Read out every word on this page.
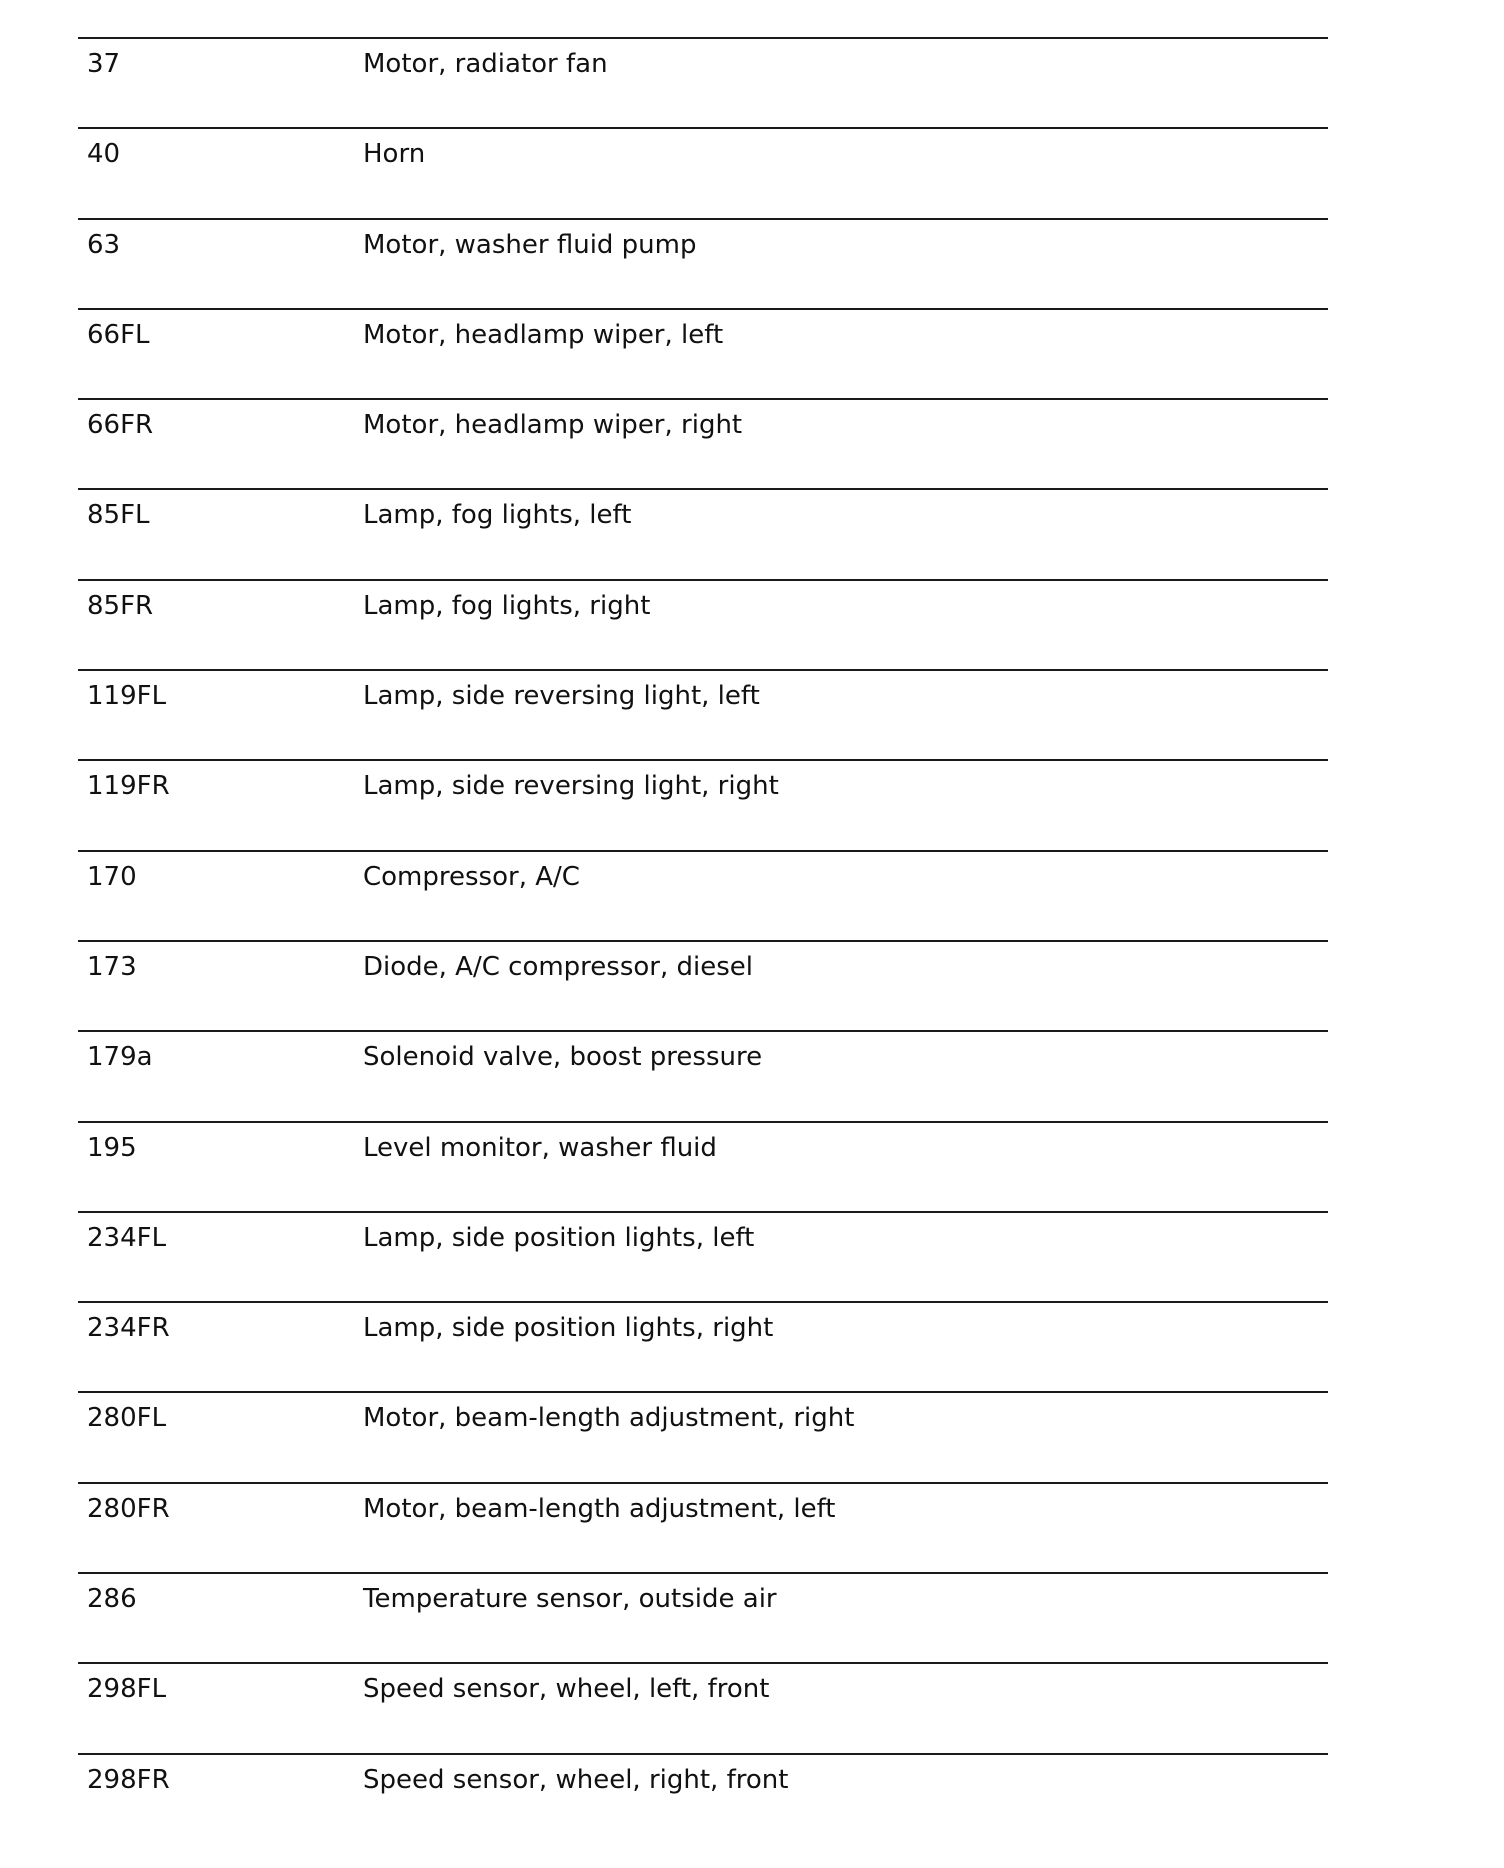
37	Motor, radiator fan
40	Horn
63	Motor, washer fluid pump
66FL	Motor, headlamp wiper, left
66FR	Motor, headlamp wiper, right
85FL	Lamp, fog lights, left
85FR	Lamp, fog lights, right
119FL	Lamp, side reversing light, left
119FR	Lamp, side reversing light, right
170	Compressor, A/C
173	Diode, A/C compressor, diesel
179a	Solenoid valve, boost pressure
195	Level monitor, washer fluid
234FL	Lamp, side position lights, left
234FR	Lamp, side position lights, right
280FL	Motor, beam-length adjustment, right
280FR	Motor, beam-length adjustment, left
286	Temperature sensor, outside air
298FL	Speed sensor, wheel, left, front
298FR	Speed sensor, wheel, right, front
